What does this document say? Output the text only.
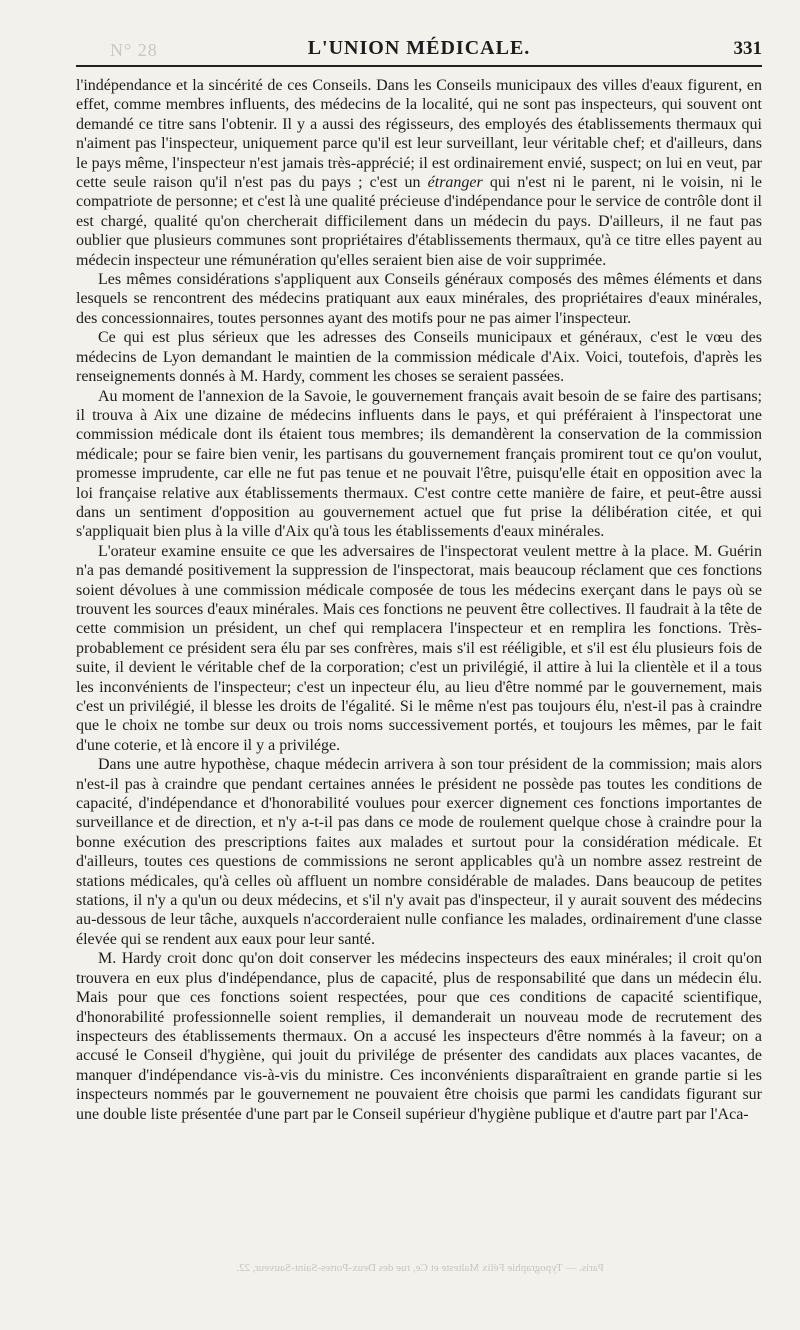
N° 28	L'UNION MÉDICALE.	331

l'indépendance et la sincérité de ces Conseils. Dans les Conseils municipaux des villes d'eaux figurent, en effet, comme membres influents, des médecins de la localité, qui ne sont pas inspecteurs, qui souvent ont demandé ce titre sans l'obtenir. Il y a aussi des régisseurs, des employés des établissements thermaux qui n'aiment pas l'inspecteur, uniquement parce qu'il est leur surveillant, leur véritable chef; et d'ailleurs, dans le pays même, l'inspecteur n'est jamais très-apprécié; il est ordinairement envié, suspect; on lui en veut, par cette seule raison qu'il n'est pas du pays ; c'est un étranger qui n'est ni le parent, ni le voisin, ni le compatriote de personne; et c'est là une qualité précieuse d'indépendance pour le service de contrôle dont il est chargé, qualité qu'on chercherait difficilement dans un médecin du pays. D'ailleurs, il ne faut pas oublier que plusieurs communes sont propriétaires d'établissements thermaux, qu'à ce titre elles payent au médecin inspecteur une rémunération qu'elles seraient bien aise de voir supprimée.

Les mêmes considérations s'appliquent aux Conseils généraux composés des mêmes éléments et dans lesquels se rencontrent des médecins pratiquant aux eaux minérales, des propriétaires d'eaux minérales, des concessionnaires, toutes personnes ayant des motifs pour ne pas aimer l'inspecteur.

Ce qui est plus sérieux que les adresses des Conseils municipaux et généraux, c'est le vœu des médecins de Lyon demandant le maintien de la commission médicale d'Aix. Voici, toutefois, d'après les renseignements donnés à M. Hardy, comment les choses se seraient passées.

Au moment de l'annexion de la Savoie, le gouvernement français avait besoin de se faire des partisans; il trouva à Aix une dizaine de médecins influents dans le pays, et qui préféraient à l'inspectorat une commission médicale dont ils étaient tous membres; ils demandèrent la conservation de la commission médicale; pour se faire bien venir, les partisans du gouvernement français promirent tout ce qu'on voulut, promesse imprudente, car elle ne fut pas tenue et ne pouvait l'être, puisqu'elle était en opposition avec la loi française relative aux établissements thermaux. C'est contre cette manière de faire, et peut-être aussi dans un sentiment d'opposition au gouvernement actuel que fut prise la délibération citée, et qui s'appliquait bien plus à la ville d'Aix qu'à tous les établissements d'eaux minérales.

L'orateur examine ensuite ce que les adversaires de l'inspectorat veulent mettre à la place. M. Guérin n'a pas demandé positivement la suppression de l'inspectorat, mais beaucoup réclament que ces fonctions soient dévolues à une commission médicale composée de tous les médecins exerçant dans le pays où se trouvent les sources d'eaux minérales. Mais ces fonctions ne peuvent être collectives. Il faudrait à la tête de cette commision un président, un chef qui remplacera l'inspecteur et en remplira les fonctions. Très-probablement ce président sera élu par ses confrères, mais s'il est rééligible, et s'il est élu plusieurs fois de suite, il devient le véritable chef de la corporation; c'est un privilégié, il attire à lui la clientèle et il a tous les inconvénients de l'inspecteur; c'est un inpecteur élu, au lieu d'être nommé par le gouvernement, mais c'est un privilégié, il blesse les droits de l'égalité. Si le même n'est pas toujours élu, n'est-il pas à craindre que le choix ne tombe sur deux ou trois noms successivement portés, et toujours les mêmes, par le fait d'une coterie, et là encore il y a privilége.

Dans une autre hypothèse, chaque médecin arrivera à son tour président de la commission; mais alors n'est-il pas à craindre que pendant certaines années le président ne possède pas toutes les conditions de capacité, d'indépendance et d'honorabilité voulues pour exercer dignement ces fonctions importantes de surveillance et de direction, et n'y a-t-il pas dans ce mode de roulement quelque chose à craindre pour la bonne exécution des prescriptions faites aux malades et surtout pour la considération médicale. Et d'ailleurs, toutes ces questions de commissions ne seront applicables qu'à un nombre assez restreint de stations médicales, qu'à celles où affluent un nombre considérable de malades. Dans beaucoup de petites stations, il n'y a qu'un ou deux médecins, et s'il n'y avait pas d'inspecteur, il y aurait souvent des médecins au-dessous de leur tâche, auxquels n'accorderaient nulle confiance les malades, ordinairement d'une classe élevée qui se rendent aux eaux pour leur santé.

M. Hardy croit donc qu'on doit conserver les médecins inspecteurs des eaux minérales; il croit qu'on trouvera en eux plus d'indépendance, plus de capacité, plus de responsabilité que dans un médecin élu. Mais pour que ces fonctions soient respectées, pour que ces conditions de capacité scientifique, d'honorabilité professionnelle soient remplies, il demanderait un nouveau mode de recrutement des inspecteurs des établissements thermaux. On a accusé les inspecteurs d'être nommés à la faveur; on a accusé le Conseil d'hygiène, qui jouit du privilége de présenter des candidats aux places vacantes, de manquer d'indépendance vis-à-vis du ministre. Ces inconvénients disparaîtraient en grande partie si les inspecteurs nommés par le gouvernement ne pouvaient être choisis que parmi les candidats figurant sur une double liste présentée d'une part par le Conseil supérieur d'hygiène publique et d'autre part par l'Aca-

Paris. — Typographie Félix Malteste et Ce, rue des Deux-Portes-Saint-Sauveur, 22.
